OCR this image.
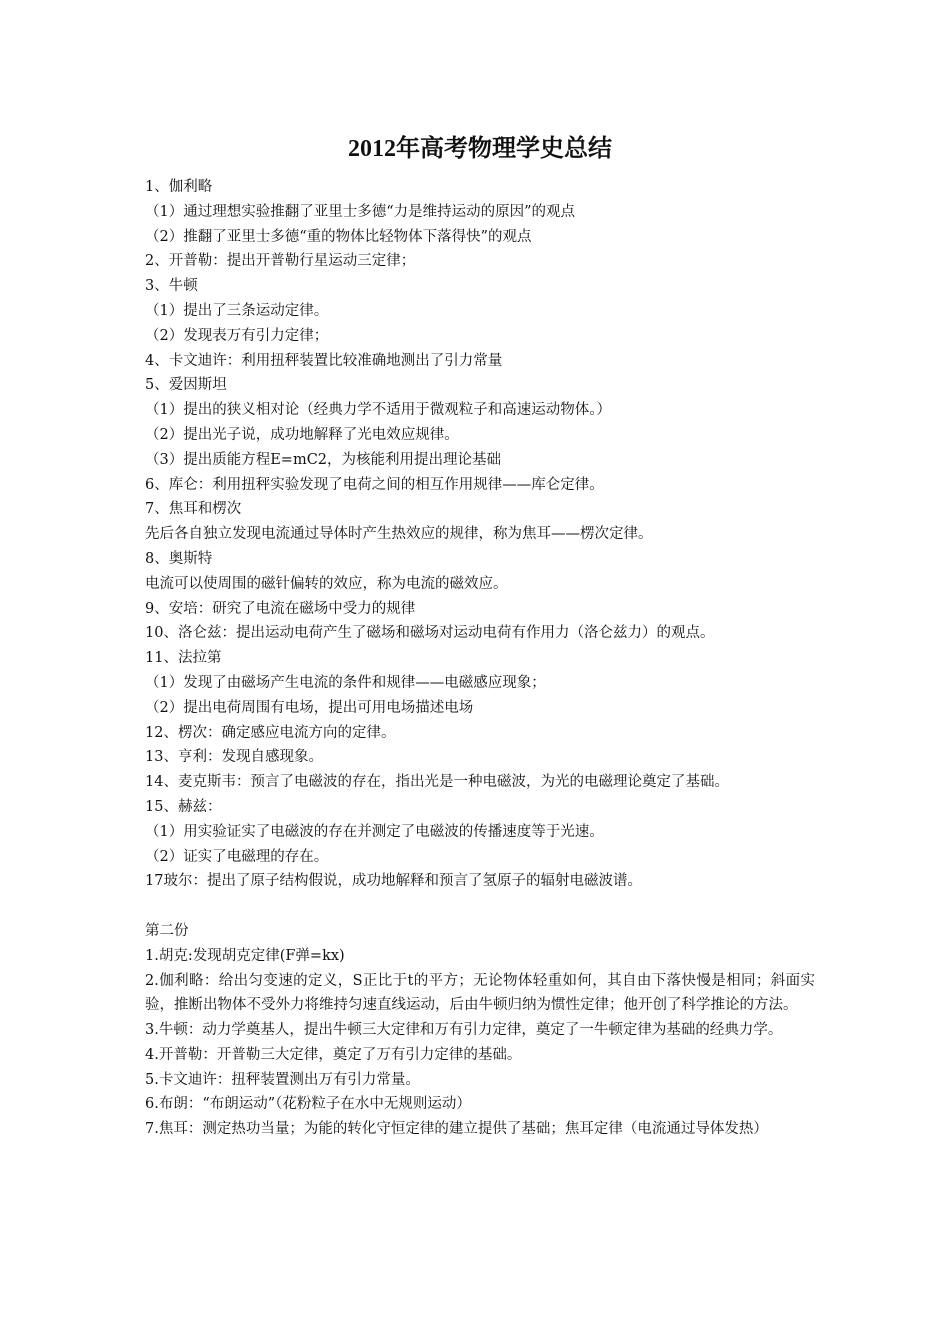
2012年高考物理学史总结
1、伽利略
（1）通过理想实验推翻了亚里士多德“力是维持运动的原因”的观点
（2）推翻了亚里士多德“重的物体比轻物体下落得快”的观点
2、开普勒：提出开普勒行星运动三定律；
3、牛顿
（1）提出了三条运动定律。
（2）发现表万有引力定律；
4、卡文迪许：利用扭秤装置比较准确地测出了引力常量
5、爱因斯坦
（1）提出的狭义相对论（经典力学不适用于微观粒子和高速运动物体。）
（2）提出光子说，成功地解释了光电效应规律。
（3）提出质能方程E=mC2，为核能利用提出理论基础
6、库仑：利用扭秤实验发现了电荷之间的相互作用规律——库仑定律。
7、焦耳和楞次
先后各自独立发现电流通过导体时产生热效应的规律，称为焦耳——楞次定律。
8、奥斯特
电流可以使周围的磁针偏转的效应，称为电流的磁效应。
9、安培：研究了电流在磁场中受力的规律
10、洛仑兹：提出运动电荷产生了磁场和磁场对运动电荷有作用力（洛仑兹力）的观点。
11、法拉第
（1）发现了由磁场产生电流的条件和规律——电磁感应现象；
（2）提出电荷周围有电场，提出可用电场描述电场
12、楞次：确定感应电流方向的定律。
13、亨利：发现自感现象。
14、麦克斯韦：预言了电磁波的存在，指出光是一种电磁波，为光的电磁理论奠定了基础。
15、赫兹：
（1）用实验证实了电磁波的存在并测定了电磁波的传播速度等于光速。
（2）证实了电磁理的存在。
17玻尔：提出了原子结构假说，成功地解释和预言了氢原子的辐射电磁波谱。
第二份
1.胡克:发现胡克定律(F弹=kx)
2.伽利略：给出匀变速的定义，S正比于t的平方；无论物体轻重如何，其自由下落快慢是相同；斜面实验，推断出物体不受外力将维持匀速直线运动，后由牛顿归纳为惯性定律；他开创了科学推论的方法。
3.牛顿：动力学奠基人，提出牛顿三大定律和万有引力定律，奠定了一牛顿定律为基础的经典力学。
4.开普勒：开普勒三大定律，奠定了万有引力定律的基础。
5.卡文迪许：扭秤装置测出万有引力常量。
6.布朗：“布朗运动”（花粉粒子在水中无规则运动）
7.焦耳：测定热功当量；为能的转化守恒定律的建立提供了基础；焦耳定律（电流通过导体发热）
